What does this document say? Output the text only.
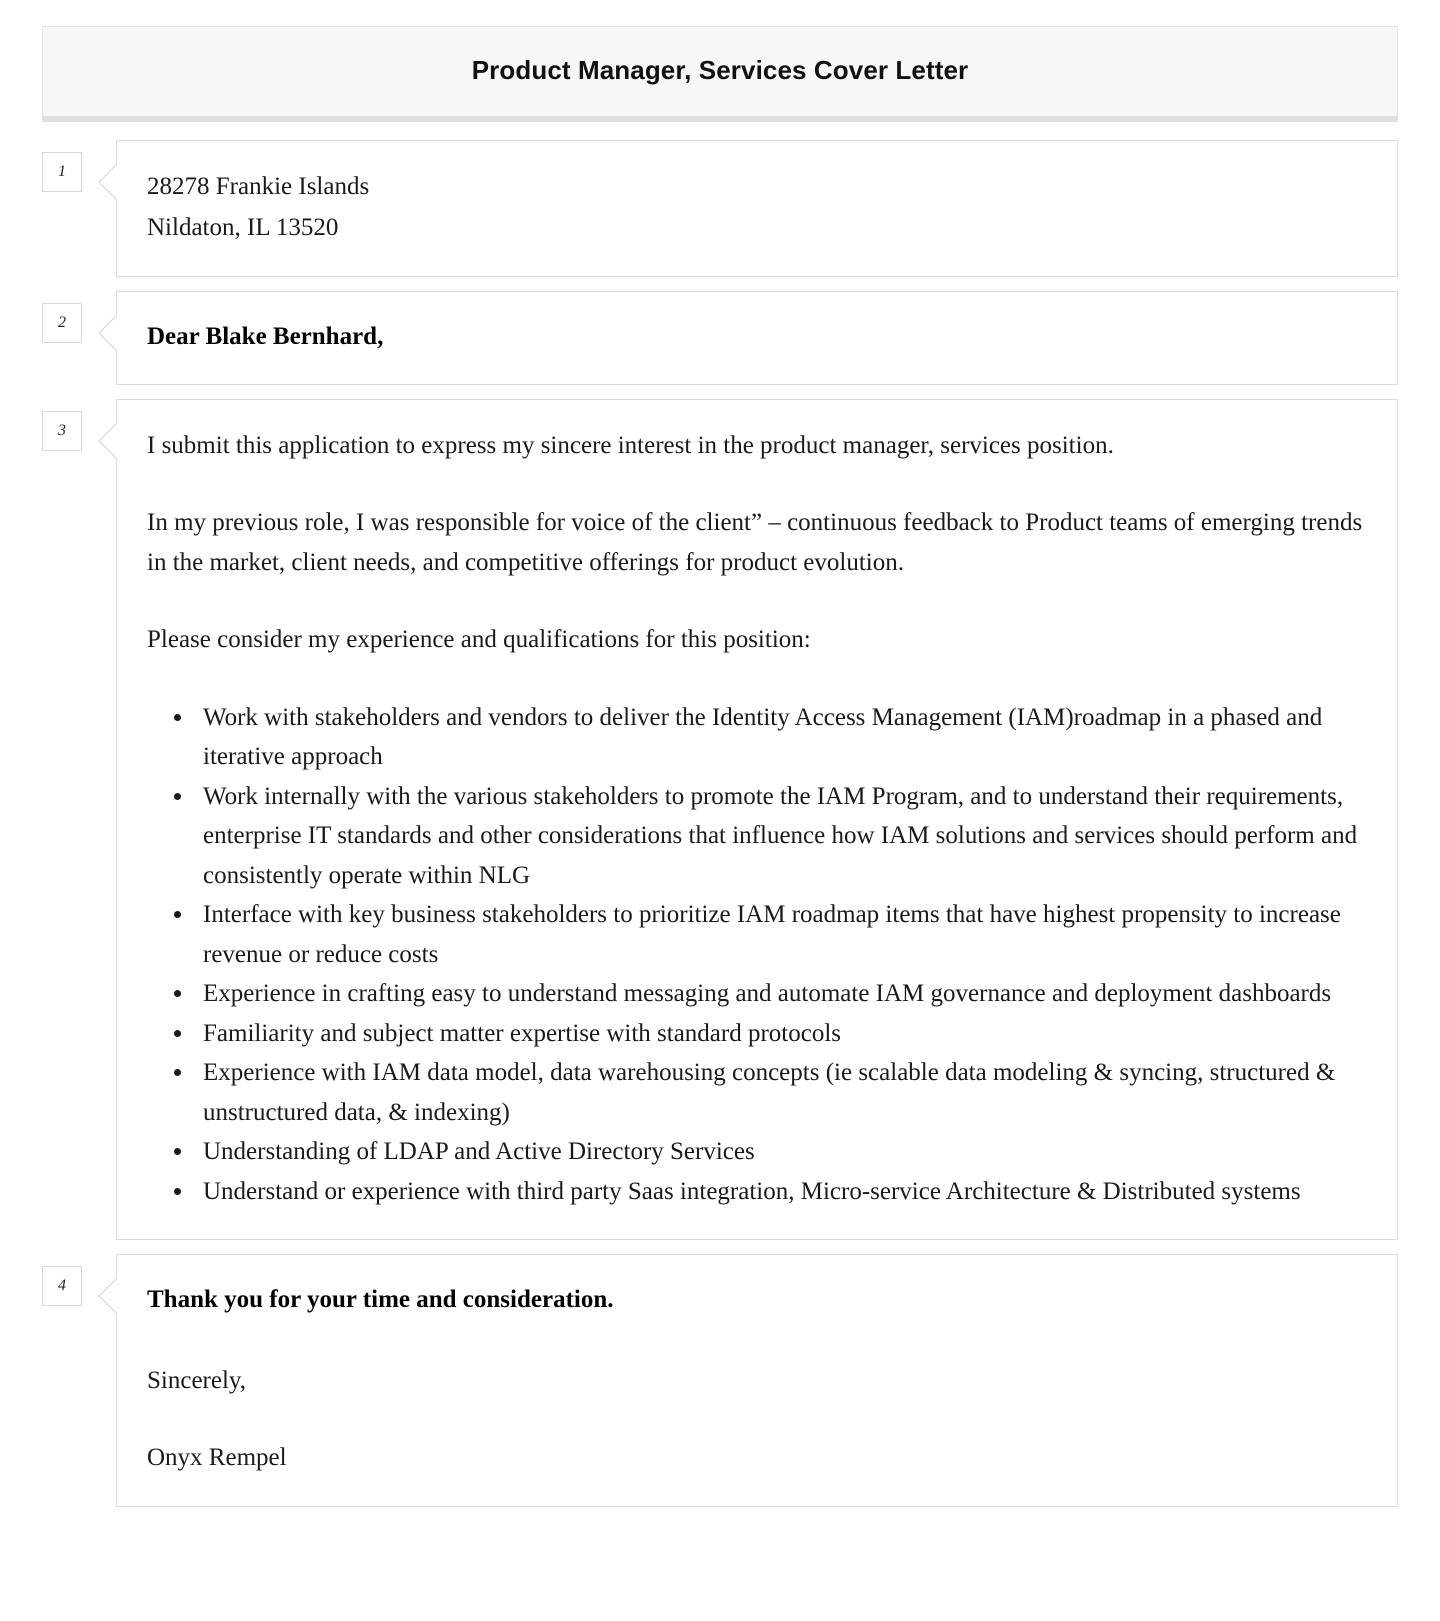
Product Manager, Services Cover Letter
1
28278 Frankie Islands
Nildaton, IL 13520
2
Dear Blake Bernhard,
3

I submit this application to express my sincere interest in the product manager, services position.

In my previous role, I was responsible for voice of the client” – continuous feedback to Product teams of emerging trends in the market, client needs, and competitive offerings for product evolution.

Please consider my experience and qualifications for this position:

• Work with stakeholders and vendors to deliver the Identity Access Management (IAM)roadmap in a phased and iterative approach
• Work internally with the various stakeholders to promote the IAM Program, and to understand their requirements, enterprise IT standards and other considerations that influence how IAM solutions and services should perform and consistently operate within NLG
• Interface with key business stakeholders to prioritize IAM roadmap items that have highest propensity to increase revenue or reduce costs
• Experience in crafting easy to understand messaging and automate IAM governance and deployment dashboards
• Familiarity and subject matter expertise with standard protocols
• Experience with IAM data model, data warehousing concepts (ie scalable data modeling & syncing, structured & unstructured data, & indexing)
• Understanding of LDAP and Active Directory Services
• Understand or experience with third party Saas integration, Micro-service Architecture & Distributed systems
4

Thank you for your time and consideration.

Sincerely,

Onyx Rempel
